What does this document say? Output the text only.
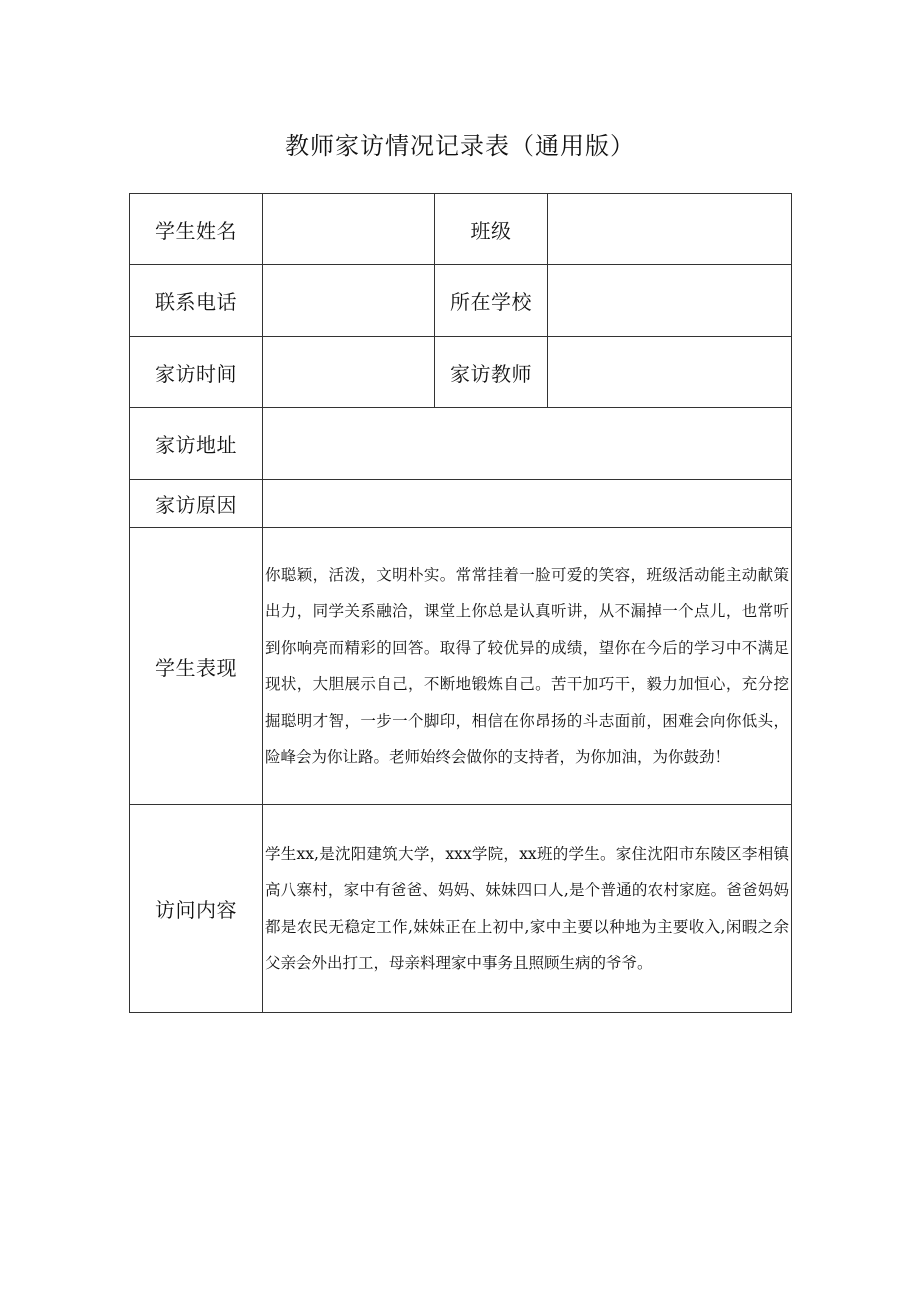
教师家访情况记录表（通用版）
学生姓名		班级	
联系电话		所在学校	
家访时间		家访教师	
家访地址			
家访原因			
学生表现	你聪颖，活泼，文明朴实。常常挂着一脸可爱的笑容，班级活动能主动献策出力，同学关系融洽，课堂上你总是认真听讲，从不漏掉一个点儿，也常听到你响亮而精彩的回答。取得了较优异的成绩，望你在今后的学习中不满足现状，大胆展示自己，不断地锻炼自己。苦干加巧干，毅力加恒心，充分挖掘聪明才智，一步一个脚印，相信在你昂扬的斗志面前，困难会向你低头，险峰会为你让路。老师始终会做你的支持者，为你加油，为你鼓劲！		
访问内容	学生xx,是沈阳建筑大学，xxx学院，xx班的学生。家住沈阳市东陵区李相镇高八寨村，家中有爸爸、妈妈、妹妹四口人,是个普通的农村家庭。爸爸妈妈都是农民无稳定工作,妹妹正在上初中,家中主要以种地为主要收入,闲暇之余父亲会外出打工，母亲料理家中事务且照顾生病的爷爷。		
